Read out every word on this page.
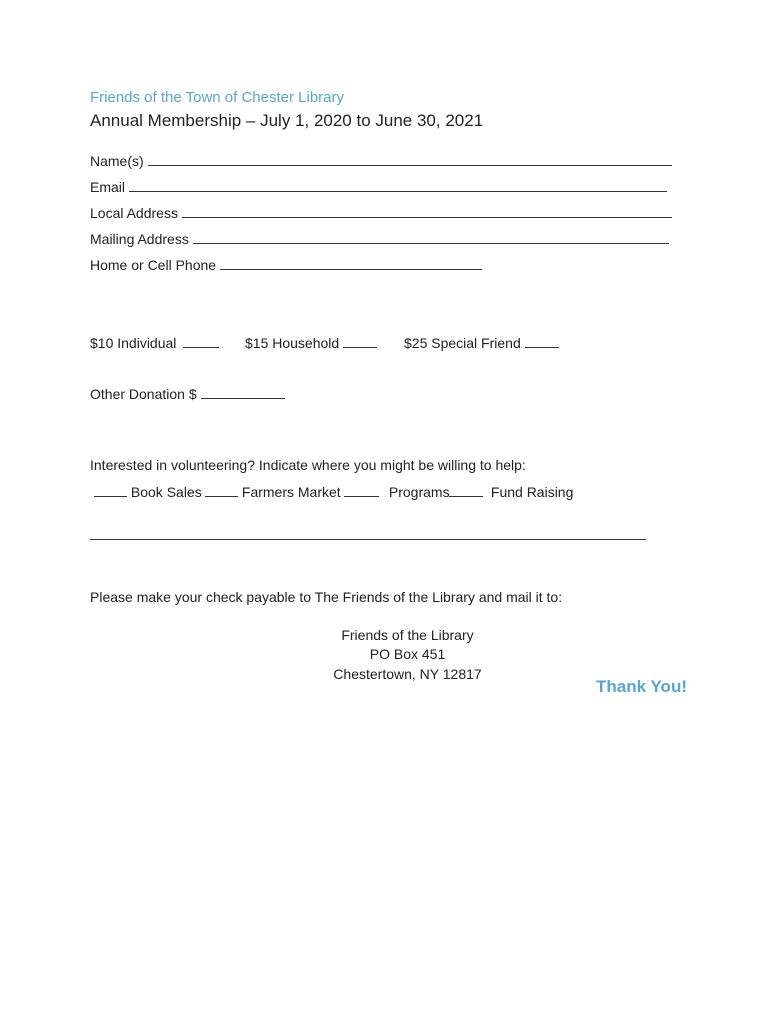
Friends of the Town of Chester Library
Annual Membership – July 1, 2020 to June 30, 2021
Name(s)
Email
Local Address
Mailing Address
Home or Cell Phone
$10 Individual	$15 Household	$25 Special Friend
Other Donation $
Interested in volunteering? Indicate where you might be willing to help:
Book Sales	Farmers Market	Programs	Fund Raising
Please make your check payable to The Friends of the Library and mail it to:
Friends of the Library
PO Box 451
Chestertown, NY 12817
Thank You!
